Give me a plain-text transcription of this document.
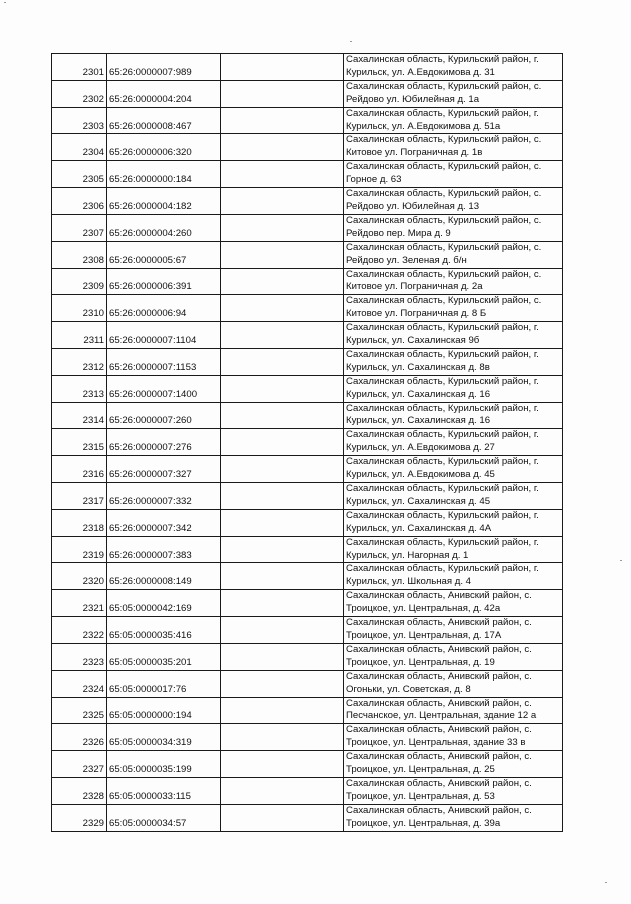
2301	65:26:0000007:989		Сахалинская область, Курильский район, г.
Курильск, ул. А.Евдокимова д. 31

2302	65:26:0000004:204		Сахалинская область, Курильский район, с.
Рейдово ул. Юбилейная д. 1а

2303	65:26:0000008:467		Сахалинская область, Курильский район, г.
Курильск, ул. А.Евдокимова д. 51а

2304	65:26:0000006:320		Сахалинская область, Курильский район, с.
Китовое ул. Пограничная д. 1в

2305	65:26:0000000:184		Сахалинская область, Курильский район, с.
Горное д. 63

2306	65:26:0000004:182		Сахалинская область, Курильский район, с.
Рейдово ул. Юбилейная д. 13

2307	65:26:0000004:260		Сахалинская область, Курильский район, с.
Рейдово пер. Мира д. 9

2308	65:26:0000005:67		Сахалинская область, Курильский район, с.
Рейдово ул. Зеленая д. б/н

2309	65:26:0000006:391		Сахалинская область, Курильский район, с.
Китовое ул. Пограничная д. 2а

2310	65:26:0000006:94		Сахалинская область, Курильский район, с.
Китовое ул. Пограничная д. 8 Б

2311	65:26:0000007:1104		Сахалинская область, Курильский район, г.
Курильск, ул. Сахалинская 9б

2312	65:26:0000007:1153		Сахалинская область, Курильский район, г.
Курильск, ул. Сахалинская д. 8в

2313	65:26:0000007:1400		Сахалинская область, Курильский район, г.
Курильск, ул. Сахалинская д. 16

2314	65:26:0000007:260		Сахалинская область, Курильский район, г.
Курильск, ул. Сахалинская д. 16

2315	65:26:0000007:276		Сахалинская область, Курильский район, г.
Курильск, ул. А.Евдокимова д. 27

2316	65:26:0000007:327		Сахалинская область, Курильский район, г.
Курильск, ул. А.Евдокимова д. 45

2317	65:26:0000007:332		Сахалинская область, Курильский район, г.
Курильск, ул. Сахалинская д. 45

2318	65:26:0000007:342		Сахалинская область, Курильский район, г.
Курильск, ул. Сахалинская д. 4А

2319	65:26:0000007:383		Сахалинская область, Курильский район, г.
Курильск, ул. Нагорная д. 1

2320	65:26:0000008:149		Сахалинская область, Курильский район, г.
Курильск, ул. Школьная д. 4

2321	65:05:0000042:169		Сахалинская область, Анивский район, с.
Троицкое, ул. Центральная, д. 42а

2322	65:05:0000035:416		Сахалинская область, Анивский район, с.
Троицкое, ул. Центральная, д. 17А

2323	65:05:0000035:201		Сахалинская область, Анивский район, с.
Троицкое, ул. Центральная, д. 19

2324	65:05:0000017:76		Сахалинская область, Анивский район, с.
Огоньки, ул. Советская, д. 8

2325	65:05:0000000:194		Сахалинская область, Анивский район, с.
Песчанское, ул. Центральная, здание 12 а

2326	65:05:0000034:319		Сахалинская область, Анивский район, с.
Троицкое, ул. Центральная, здание 33 в

2327	65:05:0000035:199		Сахалинская область, Анивский район, с.
Троицкое, ул. Центральная, д. 25

2328	65:05:0000033:115		Сахалинская область, Анивский район, с.
Троицкое, ул. Центральная, д. 53

2329	65:05:0000034:57		Сахалинская область, Анивский район, с.
Троицкое, ул. Центральная, д. 39а
